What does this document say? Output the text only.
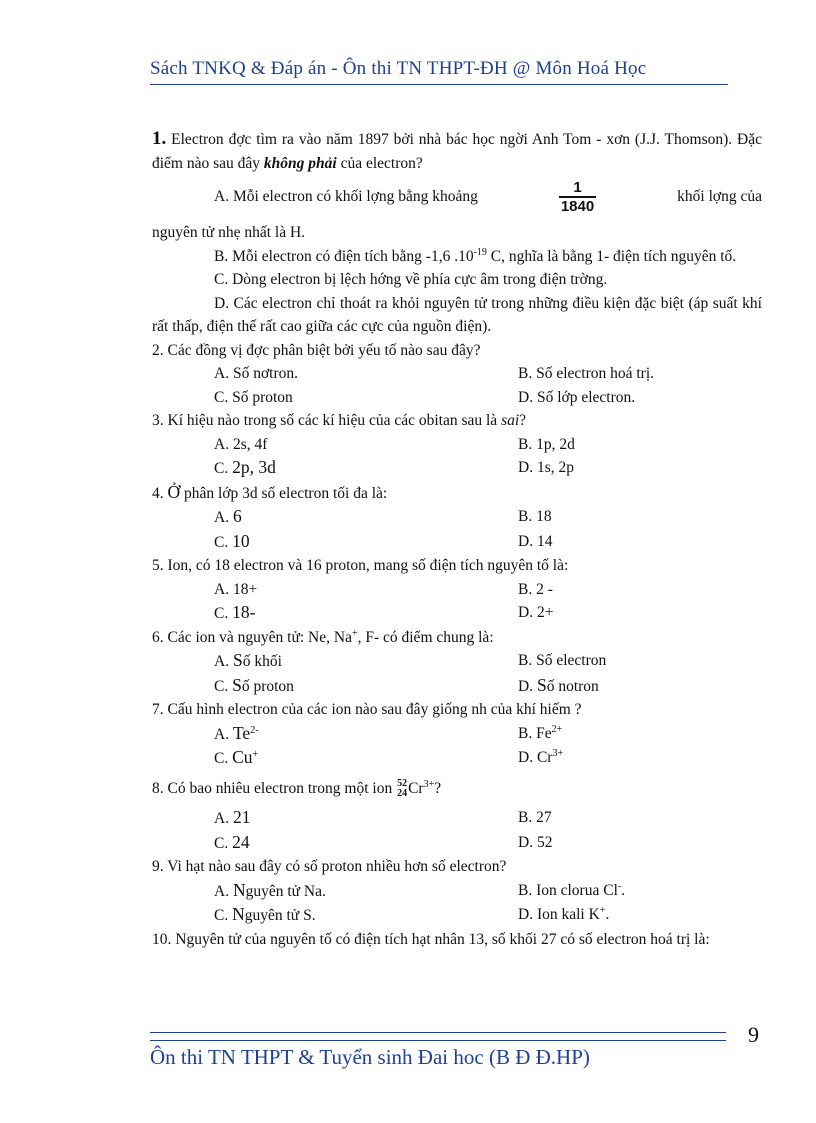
Sách TNKQ & Đáp án - Ôn thi TN THPT-ĐH @ Môn Hoá Học

1. Electron đợc tìm ra vào năm 1897 bởi nhà bác học ngời Anh Tom - xơn (J.J. Thomson). Đặc điểm nào sau đây không phải của electron?

A. Mỗi electron có khối lợng bằng khoảng	$\frac{1}{1840}$	khối lợng của

nguyên tử nhẹ nhất là H.

B. Mỗi electron có điện tích bằng -1,6 $.10^{-19}$ C, nghĩa là bằng 1- điện tích nguyên tố.

C. Dòng electron bị lệch hớng về phía cực âm trong điện trờng.

D. Các electron chỉ thoát ra khỏi nguyên tử trong những điều kiện đặc biệt (áp suất khí rất thấp, điện thế rất cao giữa các cực của nguồn điện).

2. Các đồng vị đợc phân biệt bởi yếu tố nào sau đây?

A. Số nơtron.	B. Số electron hoá trị.
C. Số proton	D. Số lớp electron.

3. Kí hiệu nào trong số các kí hiệu của các obitan sau là sai?

A. 2s, 4f	B. 1p, 2d
C. 2p, 3d	D. 1s, 2p

4. Ở phân lớp 3d số electron tối đa là:

A. 6	B. 18
C. 10	D. 14

5. Ion, có 18 electron và 16 proton, mang số điện tích nguyên tố là:

A. 18+	B. 2 -
C. 18-	D. 2+

6. Các ion và nguyên tử: Ne, Na+, F- có điểm chung là:

A. Số khối	B. Số electron
C. Số proton	D. Số notron

7. Cấu hình electron của các ion nào sau đây giống nh của khí hiếm ?

A. $Te^{2-}$	B. $Fe^{2+}$
C. Cu+	D. $Cr^{3+}$

8. Có bao nhiêu electron trong một ion 52
24 $Cr^{3+}$?

A. 21	B. 27
C. 24	D. 52

9. Vi hạt nào sau đây có số proton nhiều hơn số electron?

A. Nguyên tử Na.	B. Ion clorua Cl-.
C. Nguyên tử S.	D. Ion kali K+.

10. Nguyên tử của nguyên tố có điện tích hạt nhân 13, số khối 27 có số electron hoá trị là:

9
Ôn thi TN THPT & Tuyển sinh Đai hoc (B Đ Đ.HP)
